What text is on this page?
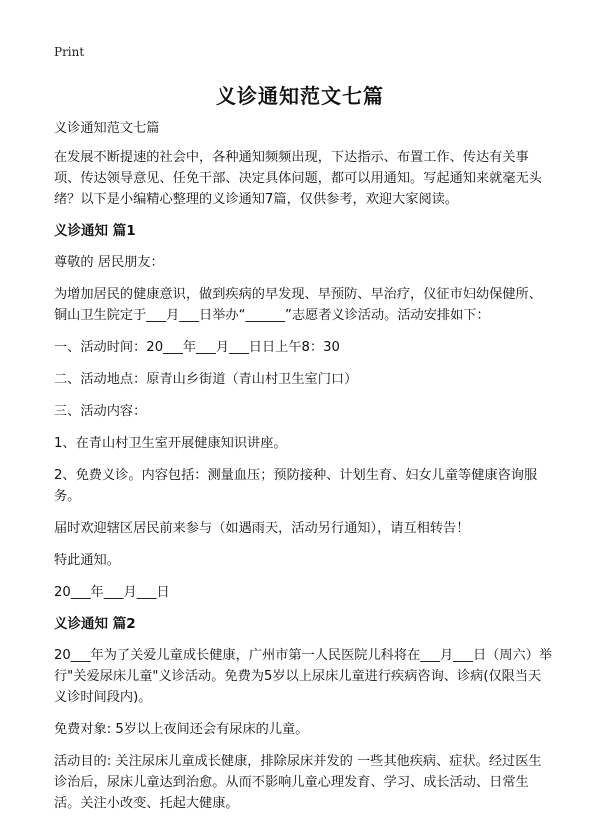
Print
义诊通知范文七篇

义诊通知范文七篇

在发展不断提速的社会中，各种通知频频出现，下达指示、布置工作、传达有关事项、传达领导意见、任免干部、决定具体问题，都可以用通知。写起通知来就毫无头绪？以下是小编精心整理的义诊通知7篇，仅供参考，欢迎大家阅读。

义诊通知 篇1

尊敬的 居民朋友：

为增加居民的健康意识，做到疾病的早发现、早预防、早治疗，仪征市妇幼保健所、铜山卫生院定于___月___日举办“______”志愿者义诊活动。活动安排如下：

一、活动时间：20___年___月___日日上午8：30

二、活动地点：原青山乡街道（青山村卫生室门口）

三、活动内容：

1、在青山村卫生室开展健康知识讲座。

2、免费义诊。内容包括：测量血压；预防接种、计划生育、妇女儿童等健康咨询服务。

届时欢迎辖区居民前来参与（如遇雨天，活动另行通知），请互相转告！

特此通知。

20___年___月___日

义诊通知 篇2

20___年为了关爱儿童成长健康，广州市第一人民医院儿科将在___月___日（周六）举行"关爱尿床儿童"义诊活动。免费为5岁以上尿床儿童进行疾病咨询、诊病(仅限当天义诊时间段内)。

免费对象: 5岁以上夜间还会有尿床的儿童。

活动目的: 关注尿床儿童成长健康，排除尿床并发的 一些其他疾病、症状。经过医生诊治后，尿床儿童达到治愈。从而不影响儿童心理发育、学习、成长活动、日常生活。关注小改变、托起大健康。
